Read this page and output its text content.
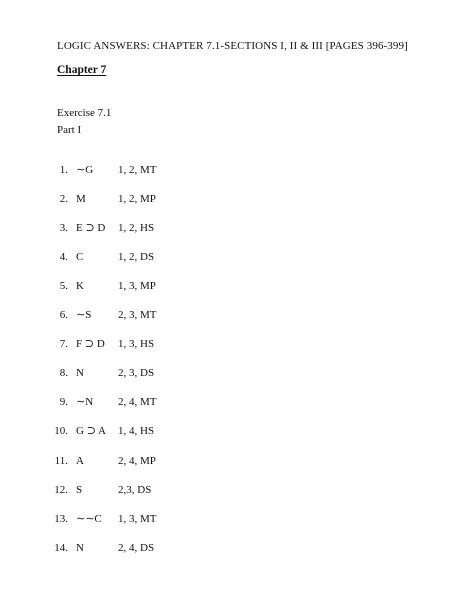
LOGIC ANSWERS: CHAPTER 7.1-SECTIONS I, II & III [PAGES 396-399]
Chapter 7
Exercise 7.1
Part I
1. ∼G 1, 2, MT
2. M	1, 2, MP
3. E ⊃ D 1, 2, HS
4. C	1, 2, DS
5. K	1, 3, MP
6. ∼S 2, 3, MT
7. F ⊃ D 1, 3, HS
8. N	2, 3, DS
9. ∼N 2, 4, MT
10. G ⊃ A 1, 4, HS
11. A	2, 4, MP
12. S	2,3, DS
13. ∼∼C 1, 3, MT
14. N	2, 4, DS
